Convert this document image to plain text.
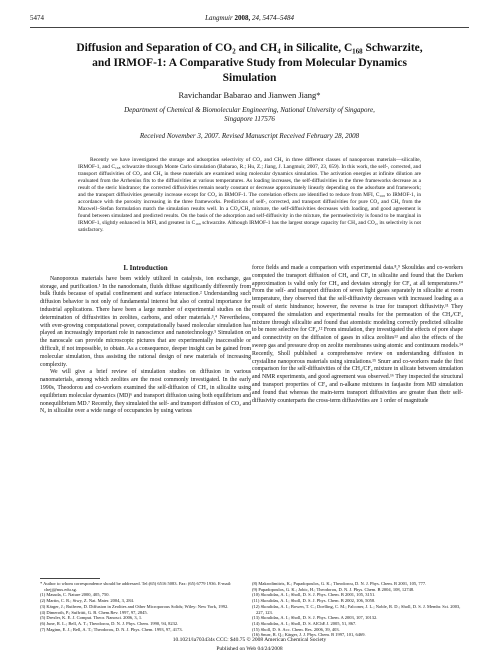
5474	Langmuir 2008, 24, 5474–5484
Diffusion and Separation of CO₂ and CH₄ in Silicalite, C₁₆₈ Schwarzite,
and IRMOF-1: A Comparative Study from Molecular Dynamics
Simulation
Ravichandar Babarao and Jianwen Jiang*
Department of Chemical & Biomolecular Engineering, National University of Singapore,
Singapore 117576
Received November 3, 2007. Revised Manuscript Received February 28, 2008

Recently we have investigated the storage and adsorption selectivity of CO₂ and CH₄ in three different classes of nanoporous materials—silicalite, IRMOF-1, and C₁₆₈ schwarzite through Monte Carlo simulation (Babarao, R.; Hu, Z.; Jiang, J. Langmuir, 2007, 23, 659). In this work, the self-, corrected, and transport diffusivities of CO₂ and CH₄ in these materials are examined using molecular dynamics simulation. The activation energies at infinite dilution are evaluated from the Arrhenius fits to the diffusivities at various temperatures. As loading increases, the self-diffusivities in the three frameworks decrease as a result of the steric hindrance; the corrected diffusivities remain nearly constant or decrease approximately linearly depending on the adsorbate and framework; and the transport diffusivities generally increase except for CO₂ in IRMOF-1. The correlation effects are identified to reduce from MFI, C₁₆₈ to IRMOF-1, in accordance with the porosity increasing in the three frameworks. Predictions of self-, corrected, and transport diffusivities for pure CO₂ and CH₄ from the Maxwell−Stefan formulation match the simulation results well. In a CO₂/CH₄ mixture, the self-diffusivities decreases with loading, and good agreement is found between simulated and predicted results. On the basis of the adsorption and self-diffusivity in the mixture, the permselectivity is found to be marginal in IRMOF-1, slightly enhanced in MFI, and greatest in C₁₆₈ schwarzite. Although IRMOF-1 has the largest storage capacity for CH₄ and CO₂, its selectivity is not satisfactory.

I. Introduction

Nanoporous materials have been widely utilized in catalysis, ion exchange, gas storage, and purification.¹ In the nanodomain, fluids diffuse significantly differently from bulk fluids because of spatial confinement and surface interaction.² Understanding such diffusion behavior is not only of fundamental interest but also of central importance for industrial applications. There have been a large number of experimental studies on the determination of diffusivities in zeolites, carbons, and other materials.³,⁴ Nevertheless, with ever-growing computational power, computationally based molecular simulation has played an increasingly important role in nanoscience and nanotechnology.⁵ Simulation on the nanoscale can provide microscopic pictures that are experimentally inaccessible or difficult, if not impossible, to obtain. As a consequence, deeper insight can be gained from molecular simulation, thus assisting the rational design of new materials of increasing complexity.

We will give a brief review of simulation studies on diffusion in various nanomaterials, among which zeolites are the most commonly investigated. In the early 1990s, Theodorou and co-workers examined the self-diffusion of CH₄ in silicalite using equilibrium molecular dynamics (MD)⁶ and transport diffusion using both equilibrium and nonequilibrium MD.⁷ Recently, they simulated the self- and transport diffusion of CO₂ and N₂ in silicalite over a wide range of occupancies by using various

force fields and made a comparison with experimental data.⁸,⁹ Skoulidas and co-workers computed the transport diffusion of CH₄ and CF₄ in silicalite and found that the Darken approximation is valid only for CH₄ and deviates strongly for CF₄ at all temperatures.¹⁰ From the self- and transport diffusion of seven light gases separately in silicalite at room temperature, they observed that the self-diffusivity decreases with increased loading as a result of steric hindrance; however, the reverse is true for transport diffusivity.¹¹ They compared the simulation and experimental results for the permeation of the CH₄/CF₄ mixture through silicalite and found that atomistic modeling correctly predicted silicalite to be more selective for CF₄.¹² From simulation, they investigated the effects of pore shape and connectivity on the diffusion of gases in silica zeolites¹³ and also the effects of the sweep gas and pressure drop on zeolite membranes using atomic and continuum models.¹⁴ Recently, Sholl published a comprehensive review on understanding diffusion in crystalline nanoporous materials using simulations.¹⁵ Snurr and co-workers made the first comparison for the self-diffusivities of the CH₄/CF₄ mixture in silicate between simulation and NMR experiments, and good agreement was observed.¹⁶ They inspected the structural and transport properties of CF₄ and n-alkane mixtures in faujasite from MD simulation and found that whereas the main-term transport diffusivities are greater than their self-diffusivity counterparts the cross-term diffusivities are 1 order of magnitude

* Author to whom correspondence should be addressed. Tel:(65) 6516 5083. Fax: (65) 6779 1936. E-mail: chejj@nus.edu.sg.
(1) Masuda, C. Nature 2000, 405, 750.
(2) Martin, C. R.; Siwy, Z. Nat. Mater. 2004, 3, 284.
(3) Kärger, J.; Ruthven, D. Diffusion in Zeolites and Other Microporous Solids; Wiley: New York, 1992.
(4) Dimeroth, P.; Suffritti, G. B. Chem.Rev. 1997, 97, 2845.
(5) Drexler, K. E. J. Comput. Theor. Nanosci. 2006, 3, 1.
(6) June, R. L.; Bell, A. T.; Theodorou, D. N. J. Phys. Chem. 1990, 94, 8232.
(7) Maginn, E. J.; Bell, A. T.; Theodorou, D. N. J. Phys. Chem. 1993, 97, 4173.
(8) Makrodimitris, K.; Papadopoulos, G. K.; Theodorou, D. N. J. Phys. Chem. B 2001, 105, 777.
(9) Papadopoulos, G. K.; Jobic, H.; Theodorou, D. N. J. Phys. Chem. B 2004, 108, 12748.
(10) Skoulidas, A. I.; Sholl, D. S. J. Phys. Chem. B 2001, 105, 3151.
(11) Skoulidas, A. I.; Sholl, D. S. J. Phys. Chem. B 2002, 106, 5058.
(12) Skoulidas, A. I.; Bowen, T. C.; Doelling, C. M.; Falconer, J. L.; Noble, R. D.; Sholl, D. S. J. Membr. Sci. 2003, 227, 123.
(13) Skoulidas, A. I.; Sholl, D. S. J. Phys. Chem. A 2003, 107, 10132.
(14) Skoulidas, A. I.; Sholl, D. S. AIChE J. 2005, 51, 867.
(15) Sholl, D. S. Acc. Chem. Res. 2006, 39, 403.
(16) Snurr, R. Q.; Kärger, J. J. Phys. Chem. B 1997, 101, 6469.
10.1021/la703434s CCC: $40.75 © 2008 American Chemical Society
Published on Web 04/24/2008
